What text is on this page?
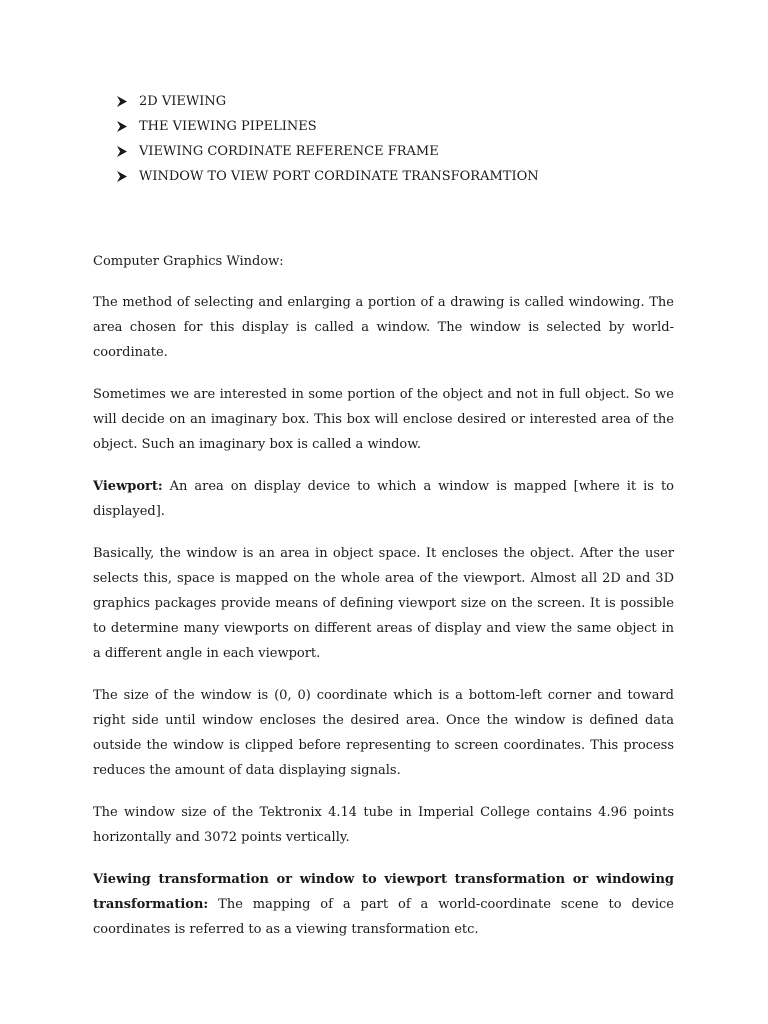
2D VIEWING
THE VIEWING PIPELINES
VIEWING CORDINATE REFERENCE FRAME
WINDOW TO VIEW PORT CORDINATE TRANSFORAMTION

Computer Graphics Window:

The method of selecting and enlarging a portion of a drawing is called windowing. The area chosen for this display is called a window. The window is selected by world-coordinate.

Sometimes we are interested in some portion of the object and not in full object. So we will decide on an imaginary box. This box will enclose desired or interested area of the object. Such an imaginary box is called a window.

Viewport: An area on display device to which a window is mapped [where it is to displayed].

Basically, the window is an area in object space. It encloses the object. After the user selects this, space is mapped on the whole area of the viewport. Almost all 2D and 3D graphics packages provide means of defining viewport size on the screen. It is possible to determine many viewports on different areas of display and view the same object in a different angle in each viewport.

The size of the window is (0, 0) coordinate which is a bottom-left corner and toward right side until window encloses the desired area. Once the window is defined data outside the window is clipped before representing to screen coordinates. This process reduces the amount of data displaying signals.

The window size of the Tektronix 4.14 tube in Imperial College contains 4.96 points horizontally and 3072 points vertically.

Viewing transformation or window to viewport transformation or windowing transformation: The mapping of a part of a world-coordinate scene to device coordinates is referred to as a viewing transformation etc.
